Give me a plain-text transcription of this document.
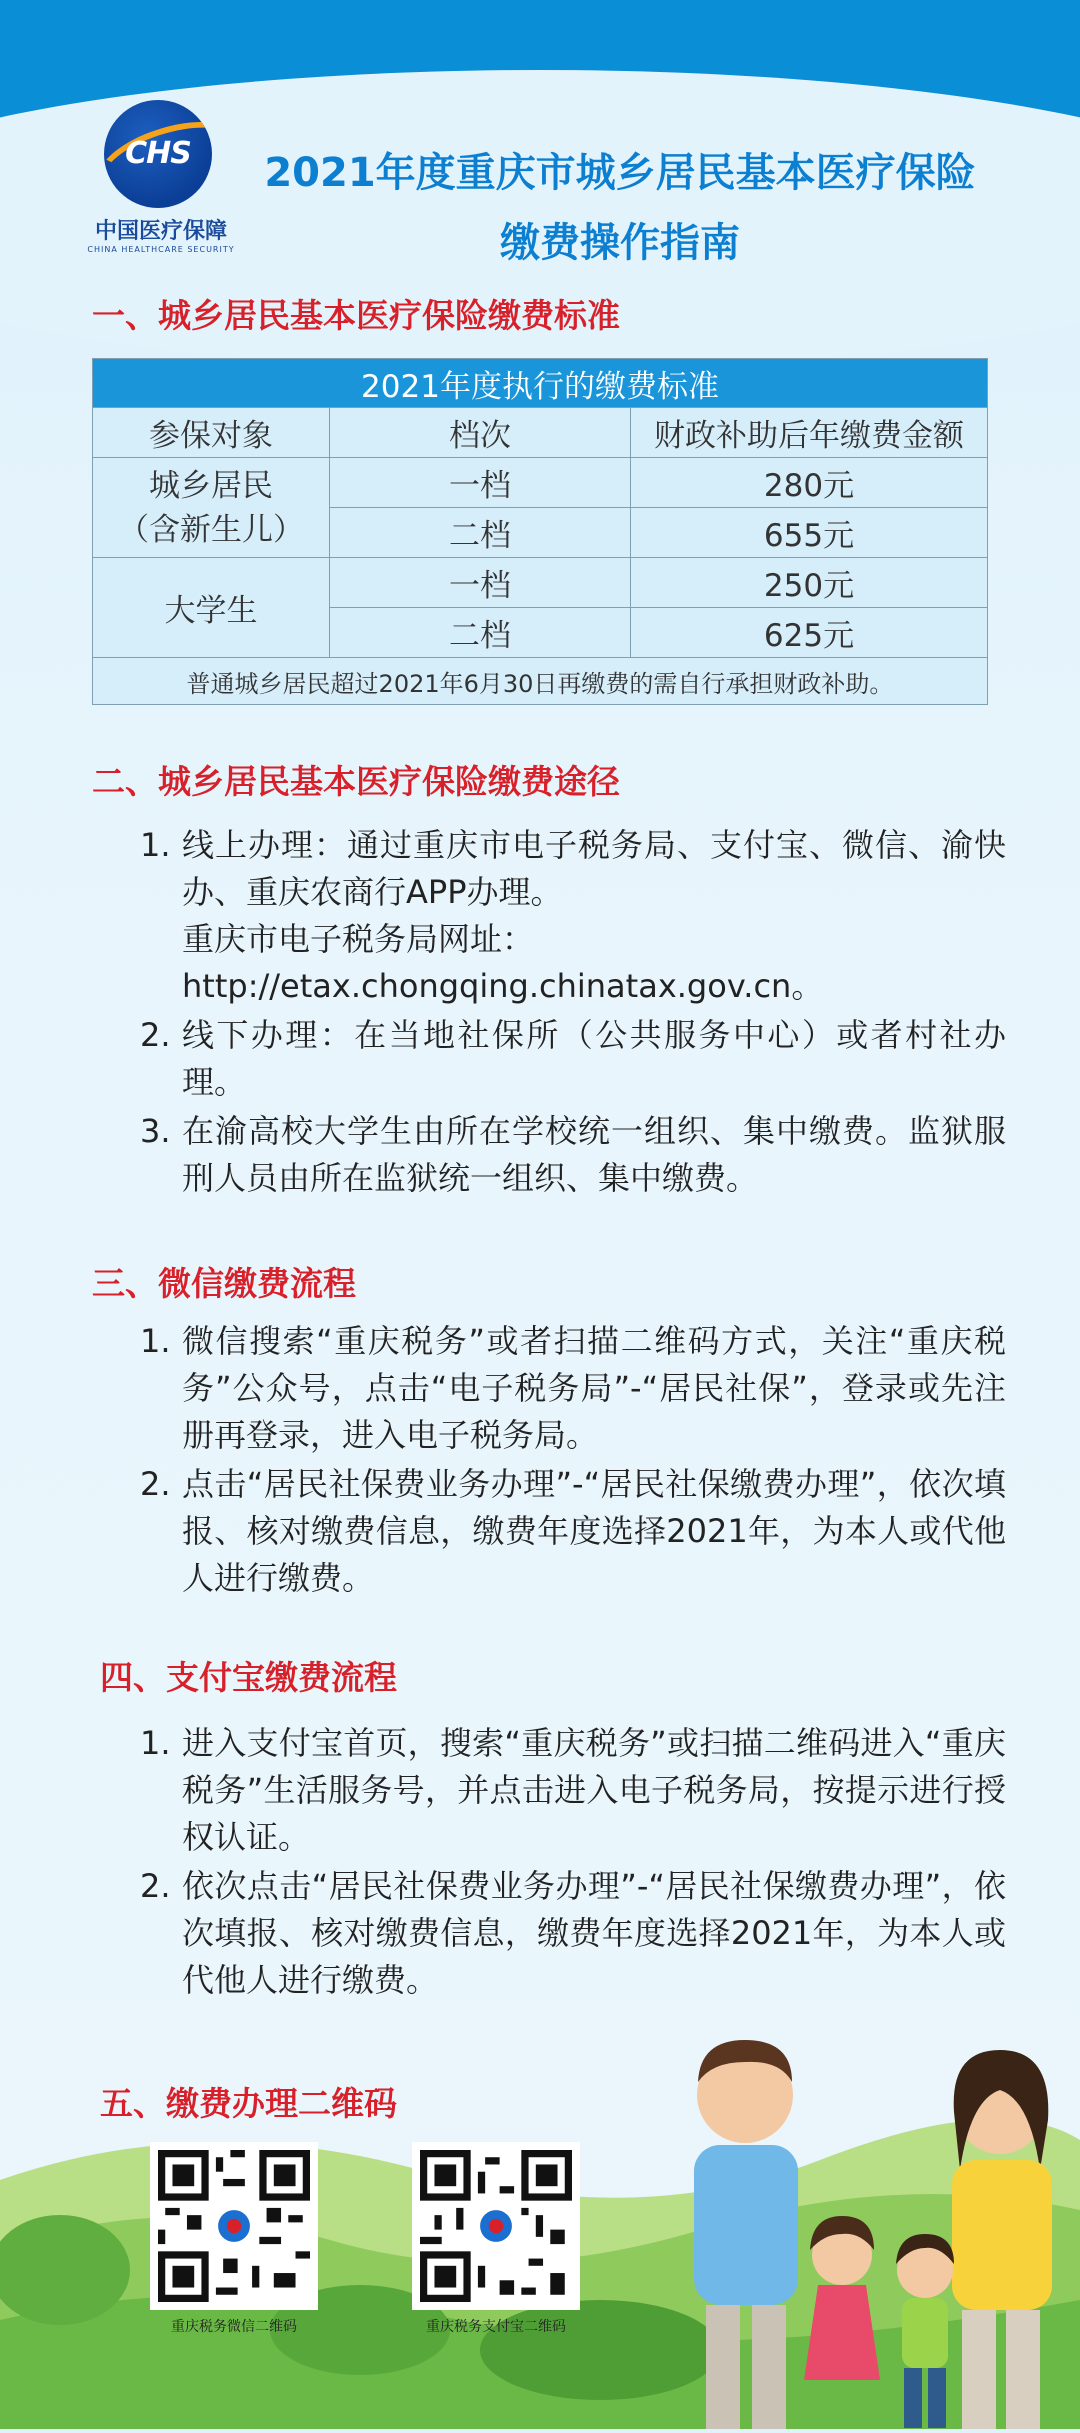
CHS
中国医疗保障
CHINA HEALTHCARE SECURITY
2021年度重庆市城乡居民基本医疗保险
缴费操作指南
一、城乡居民基本医疗保险缴费标准
2021年度执行的缴费标准		
参保对象	档次	财政补助后年缴费金额
城乡居民
（含新生儿）	一档	280元
	二档	655元
大学生	一档	250元
	二档	625元
普通城乡居民超过2021年6月30日再缴费的需自行承担财政补助。		
二、城乡居民基本医疗保险缴费途径
1. 线上办理：通过重庆市电子税务局、支付宝、微信、渝快办、重庆农商行APP办理。
重庆市电子税务局网址：
http://etax.chongqing.chinatax.gov.cn。
2. 线下办理：在当地社保所（公共服务中心）或者村社办理。
3. 在渝高校大学生由所在学校统一组织、集中缴费。监狱服刑人员由所在监狱统一组织、集中缴费。
三、微信缴费流程
1. 微信搜索“重庆税务”或者扫描二维码方式，关注“重庆税务”公众号，点击“电子税务局”-“居民社保”，登录或先注册再登录，进入电子税务局。
2. 点击“居民社保费业务办理”-“居民社保缴费办理”，依次填报、核对缴费信息，缴费年度选择2021年，为本人或代他人进行缴费。
四、支付宝缴费流程
1. 进入支付宝首页，搜索“重庆税务”或扫描二维码进入“重庆税务”生活服务号，并点击进入电子税务局，按提示进行授权认证。
2. 依次点击“居民社保费业务办理”-“居民社保缴费办理”，依次填报、核对缴费信息，缴费年度选择2021年，为本人或代他人进行缴费。
重庆税务微信二维码	重庆税务支付宝二维码
五、缴费办理二维码
